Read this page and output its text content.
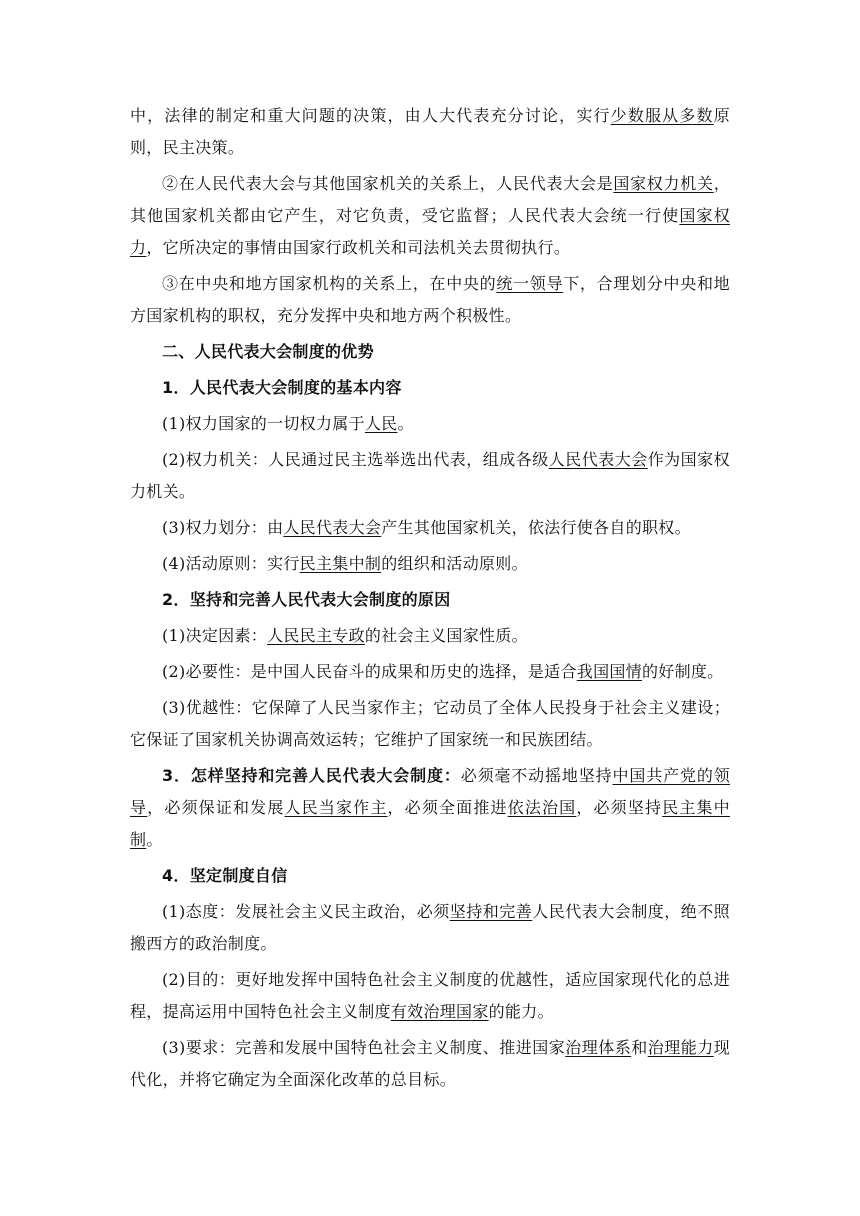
中，法律的制定和重大问题的决策，由人大代表充分讨论，实行少数服从多数原则，民主决策。

②在人民代表大会与其他国家机关的关系上，人民代表大会是国家权力机关，其他国家机关都由它产生，对它负责，受它监督；人民代表大会统一行使国家权力，它所决定的事情由国家行政机关和司法机关去贯彻执行。

③在中央和地方国家机构的关系上，在中央的统一领导下，合理划分中央和地方国家机构的职权，充分发挥中央和地方两个积极性。

二、人民代表大会制度的优势

1．人民代表大会制度的基本内容

(1)权力国家的一切权力属于人民。

(2)权力机关：人民通过民主选举选出代表，组成各级人民代表大会作为国家权力机关。

(3)权力划分：由人民代表大会产生其他国家机关，依法行使各自的职权。

(4)活动原则：实行民主集中制的组织和活动原则。

2．坚持和完善人民代表大会制度的原因

(1)决定因素：人民民主专政的社会主义国家性质。

(2)必要性：是中国人民奋斗的成果和历史的选择，是适合我国国情的好制度。

(3)优越性：它保障了人民当家作主；它动员了全体人民投身于社会主义建设；它保证了国家机关协调高效运转；它维护了国家统一和民族团结。

3．怎样坚持和完善人民代表大会制度：必须毫不动摇地坚持中国共产党的领导，必须保证和发展人民当家作主，必须全面推进依法治国，必须坚持民主集中制。

4．坚定制度自信

(1)态度：发展社会主义民主政治，必须坚持和完善人民代表大会制度，绝不照搬西方的政治制度。

(2)目的：更好地发挥中国特色社会主义制度的优越性，适应国家现代化的总进程，提高运用中国特色社会主义制度有效治理国家的能力。

(3)要求：完善和发展中国特色社会主义制度、推进国家治理体系和治理能力现代化，并将它确定为全面深化改革的总目标。
